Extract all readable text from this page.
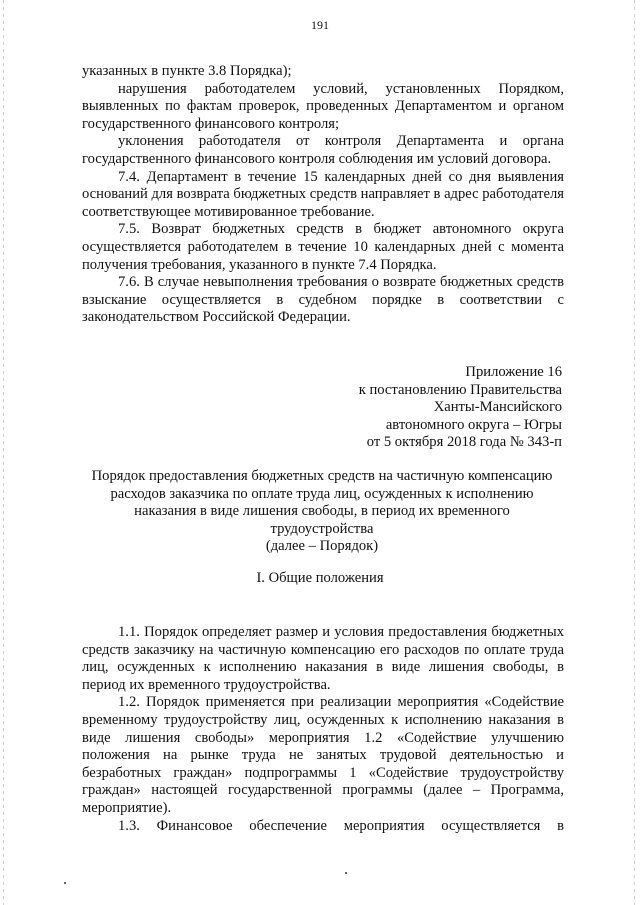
191

указанных в пункте 3.8 Порядка);

нарушения работодателем условий, установленных Порядком, выявленных по фактам проверок, проведенных Департаментом и органом государственного финансового контроля;

уклонения работодателя от контроля Департамента и органа государственного финансового контроля соблюдения им условий договора.

7.4. Департамент в течение 15 календарных дней со дня выявления оснований для возврата бюджетных средств направляет в адрес работодателя соответствующее мотивированное требование.

7.5. Возврат бюджетных средств в бюджет автономного округа осуществляется работодателем в течение 10 календарных дней с момента получения требования, указанного в пункте 7.4 Порядка.

7.6. В случае невыполнения требования о возврате бюджетных средств взыскание осуществляется в судебном порядке в соответствии с законодательством Российской Федерации.

Приложение 16
к постановлению Правительства
Ханты-Мансийского
автономного округа – Югры
от 5 октября 2018 года № 343-п
Порядок предоставления бюджетных средств на частичную компенсацию
расходов заказчика по оплате труда лиц, осужденных к исполнению
наказания в виде лишения свободы, в период их временного
трудоустройства
(далее – Порядок)
I. Общие положения

1.1. Порядок определяет размер и условия предоставления бюджетных средств заказчику на частичную компенсацию его расходов по оплате труда лиц, осужденных к исполнению наказания в виде лишения свободы, в период их временного трудоустройства.

1.2. Порядок применяется при реализации мероприятия «Содействие временному трудоустройству лиц, осужденных к исполнению наказания в виде лишения свободы» мероприятия 1.2 «Содействие улучшению положения на рынке труда не занятых трудовой деятельностью и безработных граждан» подпрограммы 1 «Содействие трудоустройству граждан» настоящей государственной программы (далее – Программа, мероприятие).

1.3. Финансовое обеспечение мероприятия осуществляется в
